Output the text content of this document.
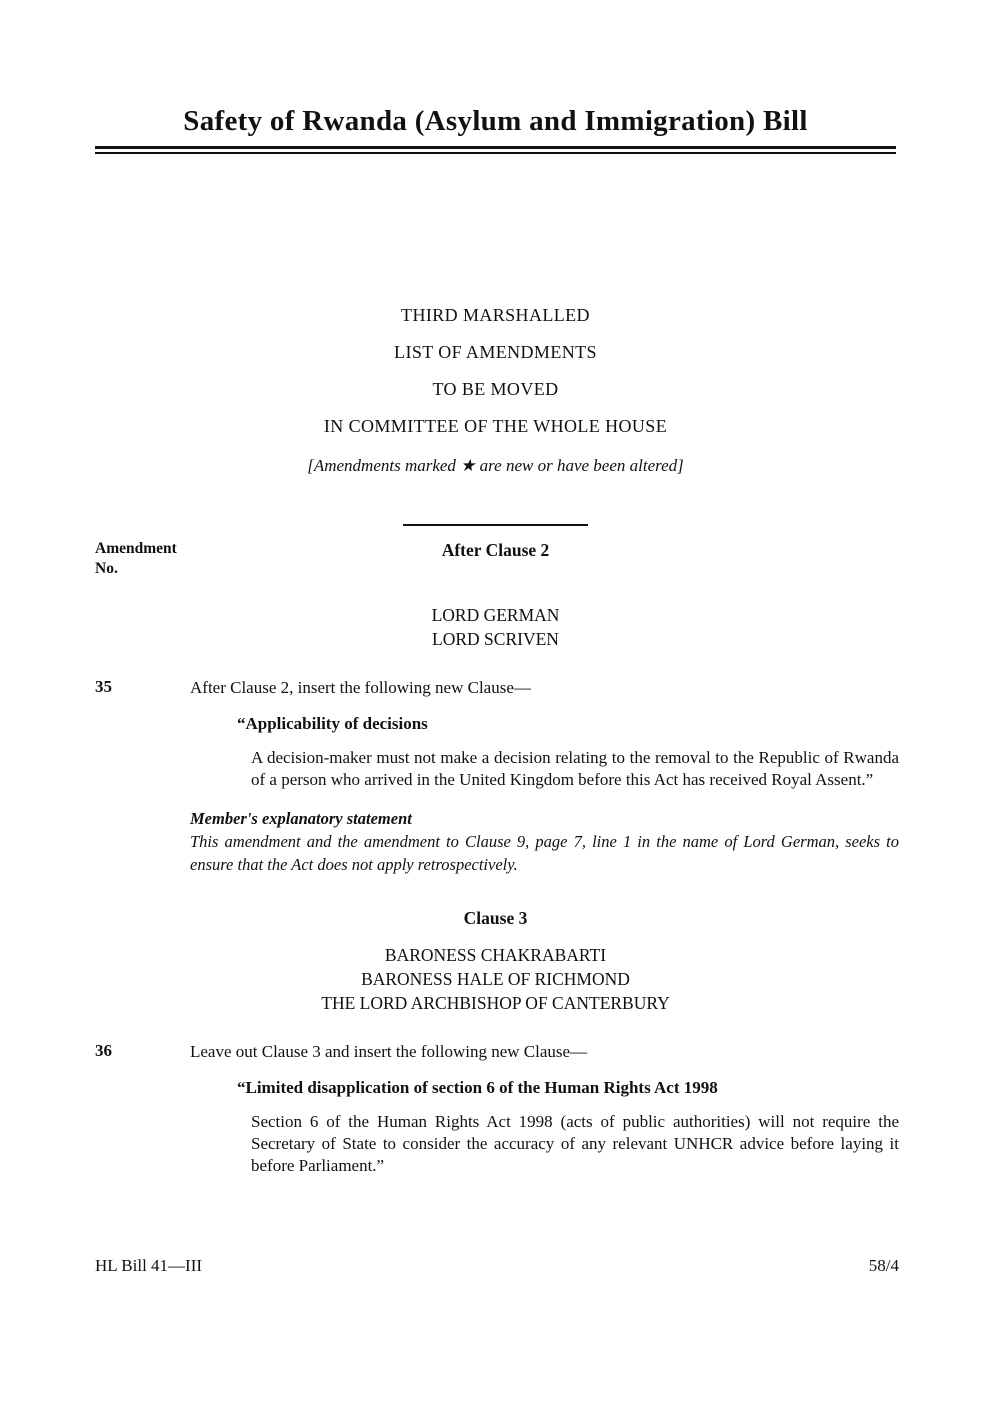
Safety of Rwanda (Asylum and Immigration) Bill
THIRD MARSHALLED
LIST OF AMENDMENTS
TO BE MOVED
IN COMMITTEE OF THE WHOLE HOUSE
[Amendments marked ★ are new or have been altered]
Amendment No.
After Clause 2
LORD GERMAN
LORD SCRIVEN
35	After Clause 2, insert the following new Clause—
“Applicability of decisions
A decision-maker must not make a decision relating to the removal to the Republic of Rwanda of a person who arrived in the United Kingdom before this Act has received Royal Assent.”
Member's explanatory statement
This amendment and the amendment to Clause 9, page 7, line 1 in the name of Lord German, seeks to ensure that the Act does not apply retrospectively.
Clause 3
BARONESS CHAKRABARTI
BARONESS HALE OF RICHMOND
THE LORD ARCHBISHOP OF CANTERBURY
36	Leave out Clause 3 and insert the following new Clause—
“Limited disapplication of section 6 of the Human Rights Act 1998
Section 6 of the Human Rights Act 1998 (acts of public authorities) will not require the Secretary of State to consider the accuracy of any relevant UNHCR advice before laying it before Parliament.”
HL Bill 41—III	58/4
